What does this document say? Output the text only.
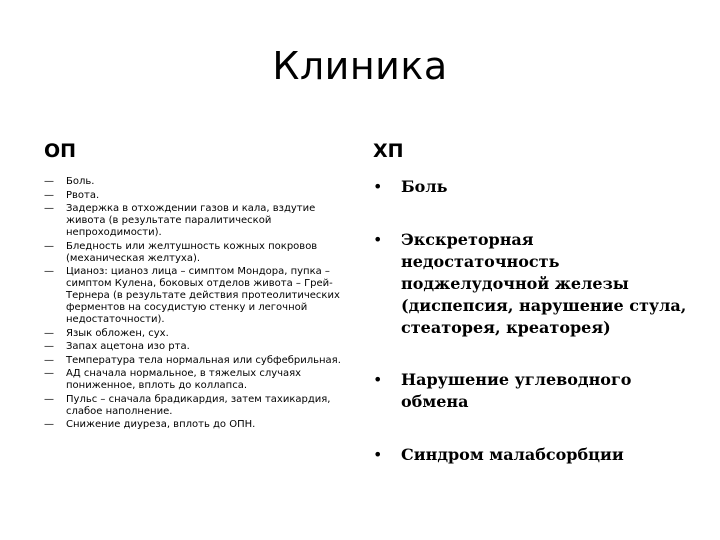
Клиника
ОП	ХП
— Боль.
— Рвота.
— Задержка в отхождении газов и кала, вздутие живота (в результате паралитической непроходимости).
— Бледность или желтушность кожных покровов (механическая желтуха).
— Цианоз: цианоз лица – симптом Мондора, пупка – симптом Кулена, боковых отделов живота – Грей-Тернера (в результате действия протеолитических ферментов на сосудистую стенку и легочной недостаточности).
— Язык обложен, сух.
— Запах ацетона изо рта.
— Температура тела нормальная или субфебрильная.
— АД сначала нормальное, в тяжелых случаях пониженное, вплоть до коллапса.
— Пульс – сначала брадикардия, затем тахикардия, слабое наполнение.
— Снижение диуреза, вплоть до ОПН.
• Боль
• Экскреторная недостаточность поджелудочной железы (диспепсия, нарушение стула, стеаторея, креаторея)
• Нарушение углеводного обмена
• Синдром малабсорбции
